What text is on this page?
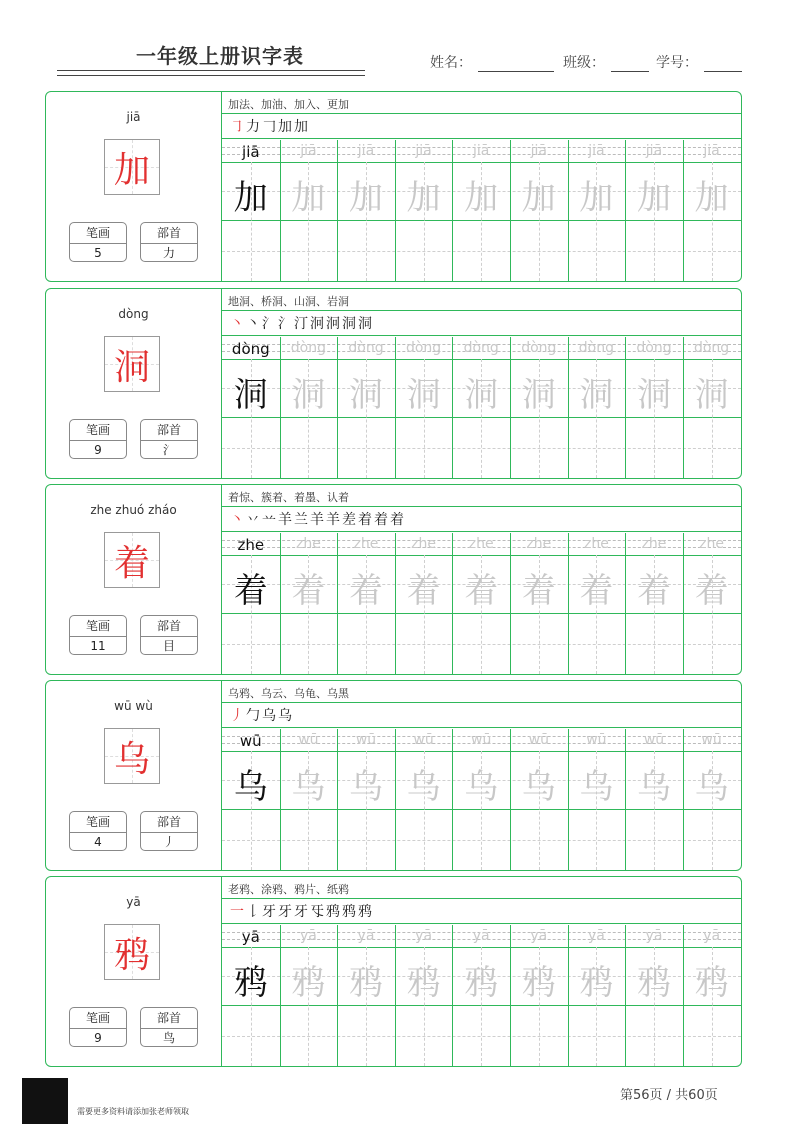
一年级上册识字表	姓名：	班级：	学号：
jiā
加
笔画
5
部首
力
加法、加油、加入、更加
㇆力𠃌加加
jiā
加
jiā
加
jiā
加
jiā
加
jiā
加
jiā
加
jiā
加
jiā
加
jiā
加
dòng
洞
笔画
9
部首
氵
地洞、桥洞、山洞、岩洞
丶丶氵氵汀泂泂洞洞
dòng
洞
dòng
洞
dòng
洞
dòng
洞
dòng
洞
dòng
洞
dòng
洞
dòng
洞
dòng
洞
zhe zhuó zháo
着
笔画
11
部首
目
着惊、簇着、着墨、认着
丶丷䒑羊兰羊羊差着着着
zhe
着
zhe
着
zhe
着
zhe
着
zhe
着
zhe
着
zhe
着
zhe
着
zhe
着
wū wù
乌
笔画
4
部首
丿
乌鸦、乌云、乌龟、乌黑
丿勹乌乌
wū
乌
wū
乌
wū
乌
wū
乌
wū
乌
wū
乌
wū
乌
wū
乌
wū
乌
yā
鸦
笔画
9
部首
鸟
老鸦、涂鸦、鸦片、纸鸦
一𠄌牙牙牙㸦鸦鸦鸦
yā
鸦
yā
鸦
yā
鸦
yā
鸦
yā
鸦
yā
鸦
yā
鸦
yā
鸦
yā
鸦
需要更多资料请添加张老师领取
第56页 / 共60页
